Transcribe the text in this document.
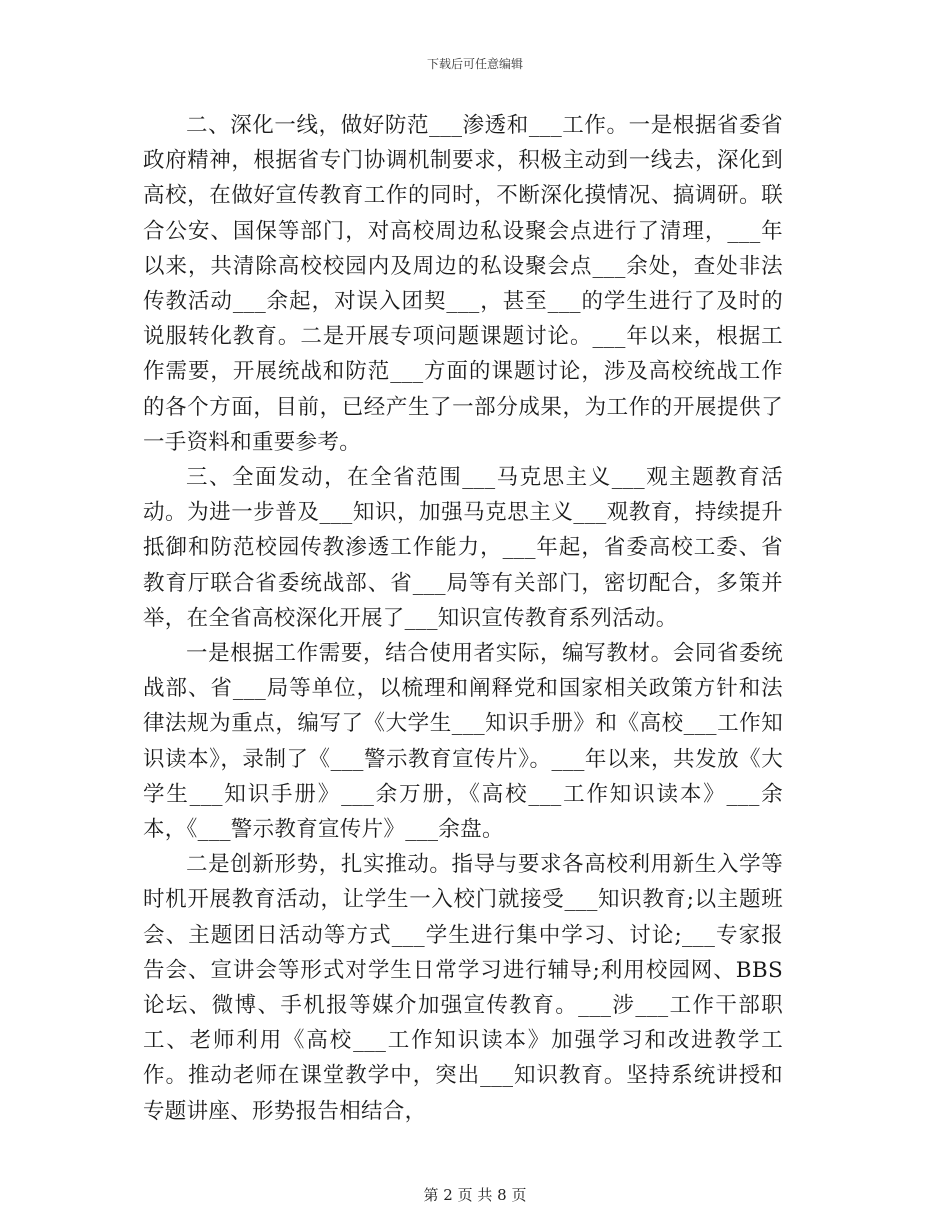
下载后可任意编辑

二、深化一线，做好防范___渗透和___工作。一是根据省委省政府精神，根据省专门协调机制要求，积极主动到一线去，深化到高校，在做好宣传教育工作的同时，不断深化摸情况、搞调研。联合公安、国保等部门，对高校周边私设聚会点进行了清理，___年以来，共清除高校校园内及周边的私设聚会点___余处，查处非法传教活动___余起，对误入团契___，甚至___的学生进行了及时的说服转化教育。二是开展专项问题课题讨论。___年以来，根据工作需要，开展统战和防范___方面的课题讨论，涉及高校统战工作的各个方面，目前，已经产生了一部分成果，为工作的开展提供了一手资料和重要参考。

三、全面发动，在全省范围___马克思主义___观主题教育活动。为进一步普及___知识，加强马克思主义___观教育，持续提升抵御和防范校园传教渗透工作能力，___年起，省委高校工委、省教育厅联合省委统战部、省___局等有关部门，密切配合，多策并举，在全省高校深化开展了___知识宣传教育系列活动。

一是根据工作需要，结合使用者实际，编写教材。会同省委统战部、省___局等单位，以梳理和阐释党和国家相关政策方针和法律法规为重点，编写了《大学生___知识手册》和《高校___工作知识读本》，录制了《___警示教育宣传片》。___年以来，共发放《大学生___知识手册》___余万册，《高校___工作知识读本》___余本，《___警示教育宣传片》___余盘。

二是创新形势，扎实推动。指导与要求各高校利用新生入学等时机开展教育活动，让学生一入校门就接受___知识教育;以主题班会、主题团日活动等方式___学生进行集中学习、讨论;___专家报告会、宣讲会等形式对学生日常学习进行辅导;利用校园网、BBS论坛、微博、手机报等媒介加强宣传教育。___涉___工作干部职工、老师利用《高校___工作知识读本》加强学习和改进教学工作。推动老师在课堂教学中，突出___知识教育。坚持系统讲授和专题讲座、形势报告相结合，

第 2 页 共 8 页
